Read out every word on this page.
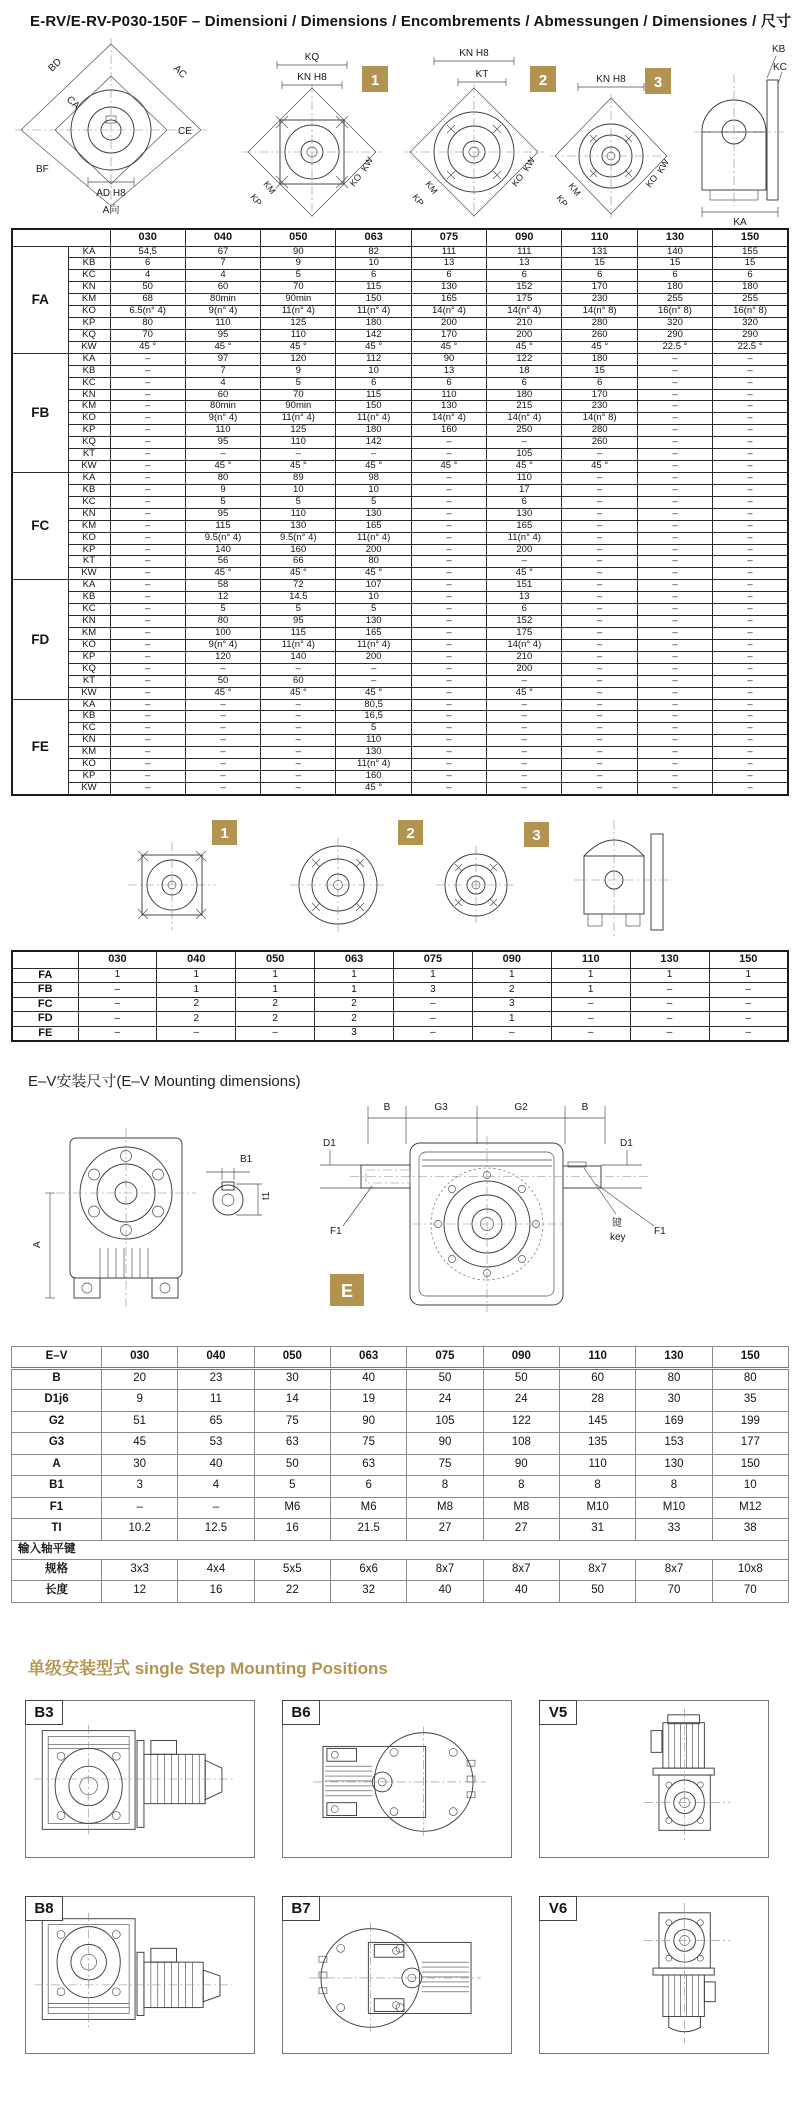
E-RV/E-RV-P030-150F – Dimensioni / Dimensions / Encombrements / Abmessungen / Dimensiones / 尺寸
BD	AC
CA
CE
BF
AD H8
A向
KQ
KN H8
KM
KP
KO
KW
1
KN H8
KT
KM
KP
KO
KW
2	KN H8
KM
KP
KO
KW
3
KB
KC
KA
		030	040	050	063	075	090	110	130	150
FA	KA	54,5	67	90	82	111	111	131	140	155
	KB	6	7	9	10	13	13	15	15	15
	KC	4	4	5	6	6	6	6	6	6
	KN	50	60	70	115	130	152	170	180	180
	KM	68	80min	90min	150	165	175	230	255	255
	KO	6.5(n° 4)	9(n° 4)	11(n° 4)	11(n° 4)	14(n° 4)	14(n° 4)	14(n° 8)	16(n° 8)	16(n° 8)
	KP	80	110	125	180	200	210	280	320	320
	KQ	70	95	110	142	170	200	260	290	290
	KW	45 °	45 °	45 °	45 °	45 °	45 °	45 °	22.5 °	22.5 °
FB	KA	–	97	120	112	90	122	180	–	–
	KB	–	7	9	10	13	18	15	–	–
	KC	–	4	5	6	6	6	6	–	–
	KN	–	60	70	115	110	180	170	–	–
	KM	–	80min	90min	150	130	215	230	–	–
	KO	–	9(n° 4)	11(n° 4)	11(n° 4)	14(n° 4)	14(n° 4)	14(n° 8)	–	–
	KP	–	110	125	180	160	250	280	–	–
	KQ	–	95	110	142	–	–	260	–	–
	KT	–	–	–	–	–	105	–	–	–
	KW	–	45 °	45 °	45 °	45 °	45 °	45 °	–	–
FC	KA	–	80	89	98	–	110	–	–	–
	KB	–	9	10	10	–	17	–	–	–
	KC	–	5	5	5	–	6	–	–	–
	KN	–	95	110	130	–	130	–	–	–
	KM	–	115	130	165	–	165	–	–	–
	KO	–	9.5(n° 4)	9.5(n° 4)	11(n° 4)	–	11(n° 4)	–	–	–
	KP	–	140	160	200	–	200	–	–	–
	KT	–	56	66	80	–	–	–	–	–
	KW	–	45 °	45 °	45 °	–	45 °	–	–	–
FD	KA	–	58	72	107	–	151	–	–	–
	KB	–	12	14.5	10	–	13	–	–	–
	KC	–	5	5	5	–	6	–	–	–
	KN	–	80	95	130	–	152	–	–	–
	KM	–	100	115	165	–	175	–	–	–
	KO	–	9(n° 4)	11(n° 4)	11(n° 4)	–	14(n° 4)	–	–	–
	KP	–	120	140	200	–	210	–	–	–
	KQ	–	–	–	–	–	200	–	–	–
	KT	–	50	60	–	–	–	–	–	–
	KW	–	45 °	45 °	45 °	–	45 °	–	–	–
FE	KA	–	–	–	80,5	–	–	–	–	–
	KB	–	–	–	16,5	–	–	–	–	–
	KC	–	–	–	5	–	–	–	–	–
	KN	–	–	–	110	–	–	–	–	–
	KM	–	–	–	130	–	–	–	–	–
	KO	–	–	–	11(n° 4)	–	–	–	–	–
	KP	–	–	–	160	–	–	–	–	–
	KW	–	–	–	45 °	–	–	–	–	–
1	2	3
	030	040	050	063	075	090	110	130	150
FA	1	1	1	1	1	1	1	1	1
FB	–	1	1	1	3	2	1	–	–
FC	–	2	2	2	–	3	–	–	–
FD	–	2	2	2	–	1	–	–	–
FE	–	–	–	3	–	–	–	–	–
E–V安装尺寸(E–V Mounting dimensions)
A
B1
t1
B	G3	G2	B
D1	D1
F1	F1
键
key
E
E–V	030	040	050	063	075	090	110	130	150
B	20	23	30	40	50	50	60	80	80
D1j6	9	11	14	19	24	24	28	30	35
G2	51	65	75	90	105	122	145	169	199
G3	45	53	63	75	90	108	135	153	177
A	30	40	50	63	75	90	110	130	150
B1	3	4	5	6	8	8	8	8	10
F1	–	–	M6	M6	M8	M8	M10	M10	M12
TI	10.2	12.5	16	21.5	27	27	31	33	38
输入轴平键									
规格	3x3	4x4	5x5	6x6	8x7	8x7	8x7	8x7	10x8
长度	12	16	22	32	40	40	50	70	70
单级安装型式 single Step Mounting Positions
B3	B6	V5
B8	B7	V6
